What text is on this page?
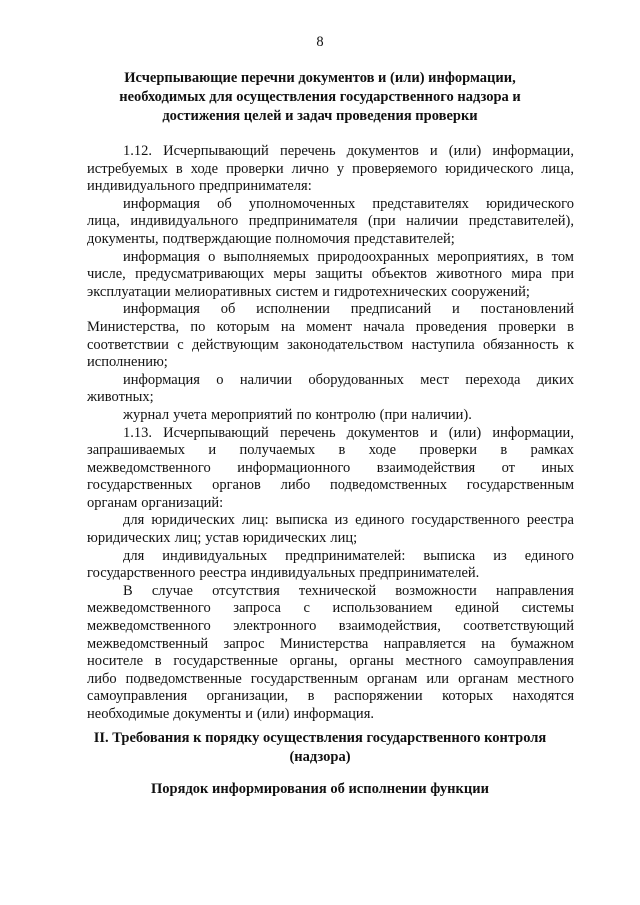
8
Исчерпывающие перечни документов и (или) информации,
необходимых для осуществления государственного надзора и
достижения целей и задач проведения проверки
1.12. Исчерпывающий перечень документов и (или) информации,
истребуемых в ходе проверки лично у проверяемого юридического лица,
индивидуального предпринимателя:
информация об уполномоченных представителях юридического
лица, индивидуального предпринимателя (при наличии представителей),
документы, подтверждающие полномочия представителей;
информация о выполняемых природоохранных мероприятиях, в том
числе, предусматривающих меры защиты объектов животного мира при
эксплуатации мелиоративных систем и гидротехнических сооружений;
информация об исполнении предписаний и постановлений
Министерства, по которым на момент начала проведения проверки в
соответствии с действующим законодательством наступила обязанность к
исполнению;
информация о наличии оборудованных мест перехода диких
животных;
журнал учета мероприятий по контролю (при наличии).
1.13. Исчерпывающий перечень документов и (или) информации,
запрашиваемых и получаемых в ходе проверки в рамках
межведомственного информационного взаимодействия от иных
государственных органов либо подведомственных государственным
органам организаций:
для юридических лиц: выписка из единого государственного реестра
юридических лиц; устав юридических лиц;
для индивидуальных предпринимателей: выписка из единого
государственного реестра индивидуальных предпринимателей.
В случае отсутствия технической возможности направления
межведомственного запроса с использованием единой системы
межведомственного электронного взаимодействия, соответствующий
межведомственный запрос Министерства направляется на бумажном
носителе в государственные органы, органы местного самоуправления
либо подведомственные государственным органам или органам местного
самоуправления организации, в распоряжении которых находятся
необходимые документы и (или) информация.
II. Требования к порядку осуществления государственного контроля
(надзора)
Порядок информирования об исполнении функции
